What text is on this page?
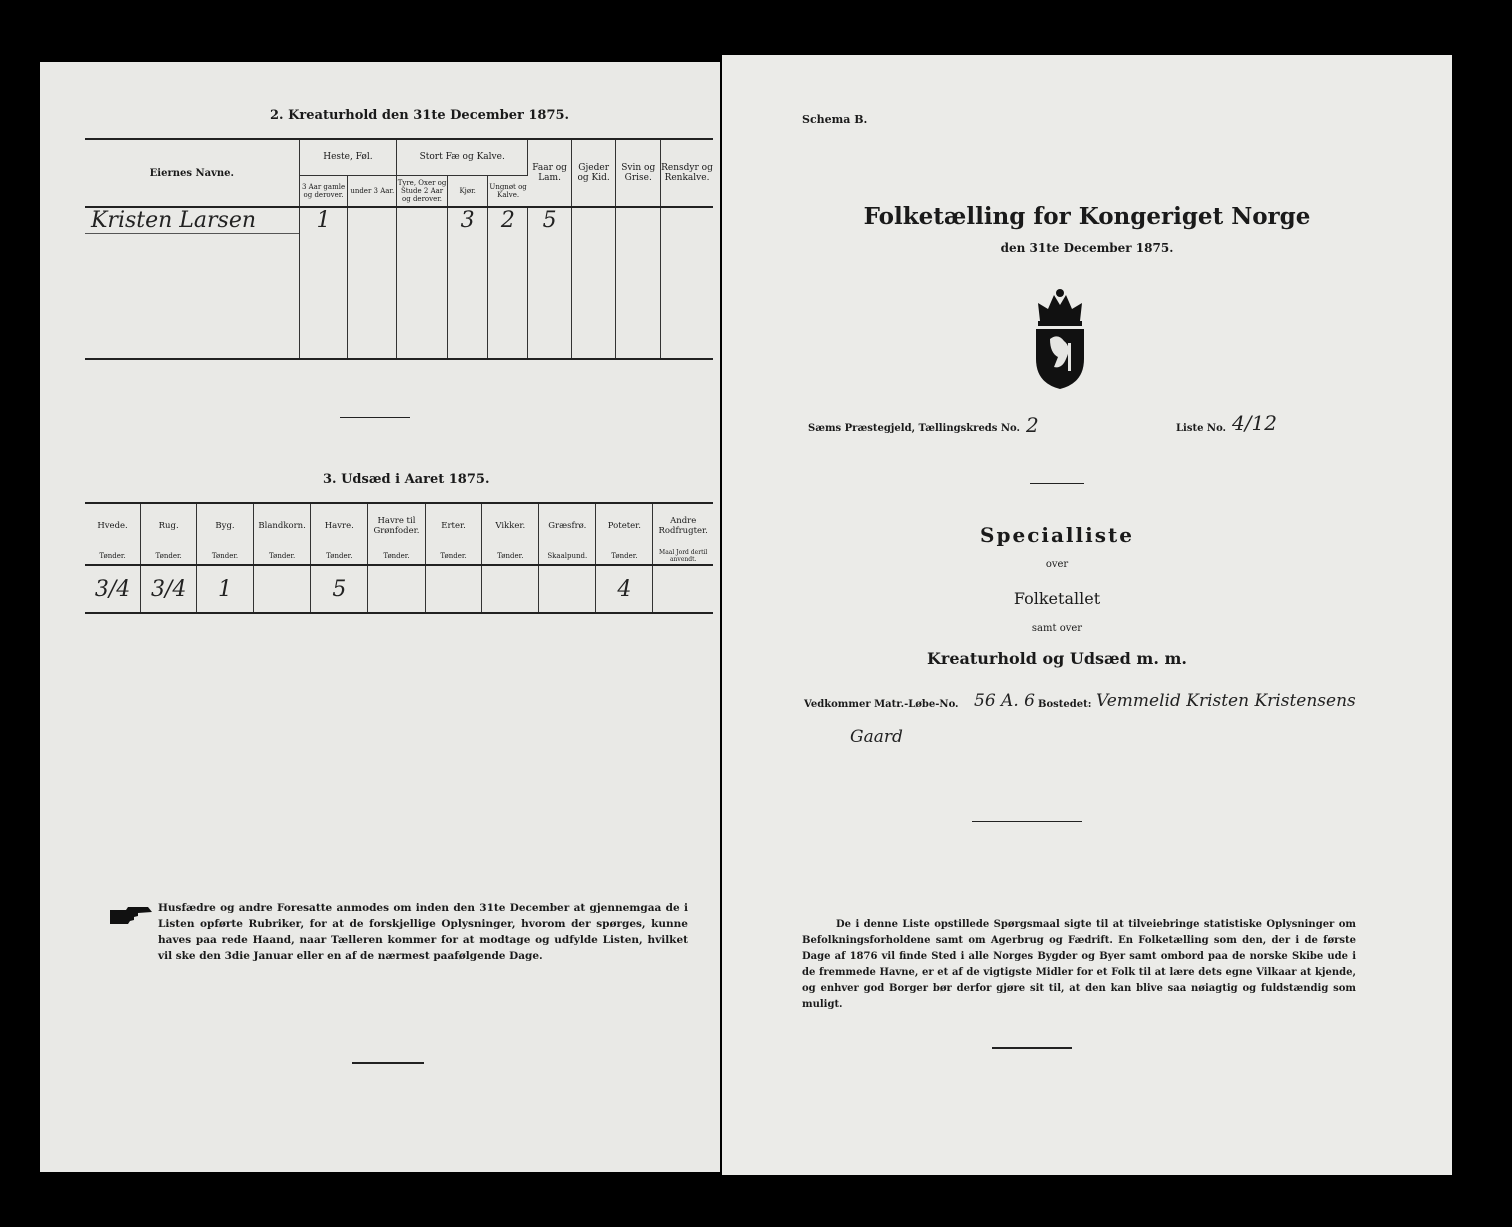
2. Kreaturhold den 31te December 1875.
Eiernes Navne.	Heste, Føl.		Stort Fæ og Kalve.			Faar og Lam.	Gjeder og Kid.	Svin og Grise.	Rensdyr og Renkalve.
	3 Aar gamle og derover.	under 3 Aar.	Tyre, Oxer og Stude 2 Aar og derover.	Kjør.	Ungnøt og Kalve.				
Kristen Larsen	1			3	2	5			

3. Udsæd i Aaret 1875.
Hvede.	Rug.	Byg.	Blandkorn.	Havre.	Havre til Grønfoder.	Erter.	Vikker.	Græsfrø.	Poteter.	Andre Rodfrugter.
Tønder.	Tønder.	Tønder.	Tønder.	Tønder.	Tønder.	Tønder.	Tønder.	Skaalpund.	Tønder.	Maal Jord dertil anvendt.
3/4	3/4	1		5					4	
Husfædre og andre Foresatte anmodes om inden den 31te December at gjennemgaa de i Listen opførte Rubriker, for at de forskjellige Oplysninger, hvorom der spørges, kunne haves paa rede Haand, naar Tælleren kommer for at modtage og udfylde Listen, hvilket vil ske den 3die Januar eller en af de nærmest paafølgende Dage.
Schema B.
Folketælling for Kongeriget Norge
den 31te December 1875.
Sæms Præstegjeld, Tællingskreds No. 2	Liste No. 4/12
Specialliste
over
Folketallet
samt over
Kreaturhold og Udsæd m. m.
Vedkommer Matr.-Løbe-No. 56 A. 6 Bostedet: Vemmelid Kristen Kristensens
Gaard
De i denne Liste opstillede Spørgsmaal sigte til at tilveiebringe statistiske Oplysninger om Befolkningsforholdene samt om Agerbrug og Fædrift. En Folketælling som den, der i de første Dage af 1876 vil finde Sted i alle Norges Bygder og Byer samt ombord paa de norske Skibe ude i de fremmede Havne, er et af de vigtigste Midler for et Folk til at lære dets egne Vilkaar at kjende, og enhver god Borger bør derfor gjøre sit til, at den kan blive saa nøiagtig og fuldstændig som muligt.
